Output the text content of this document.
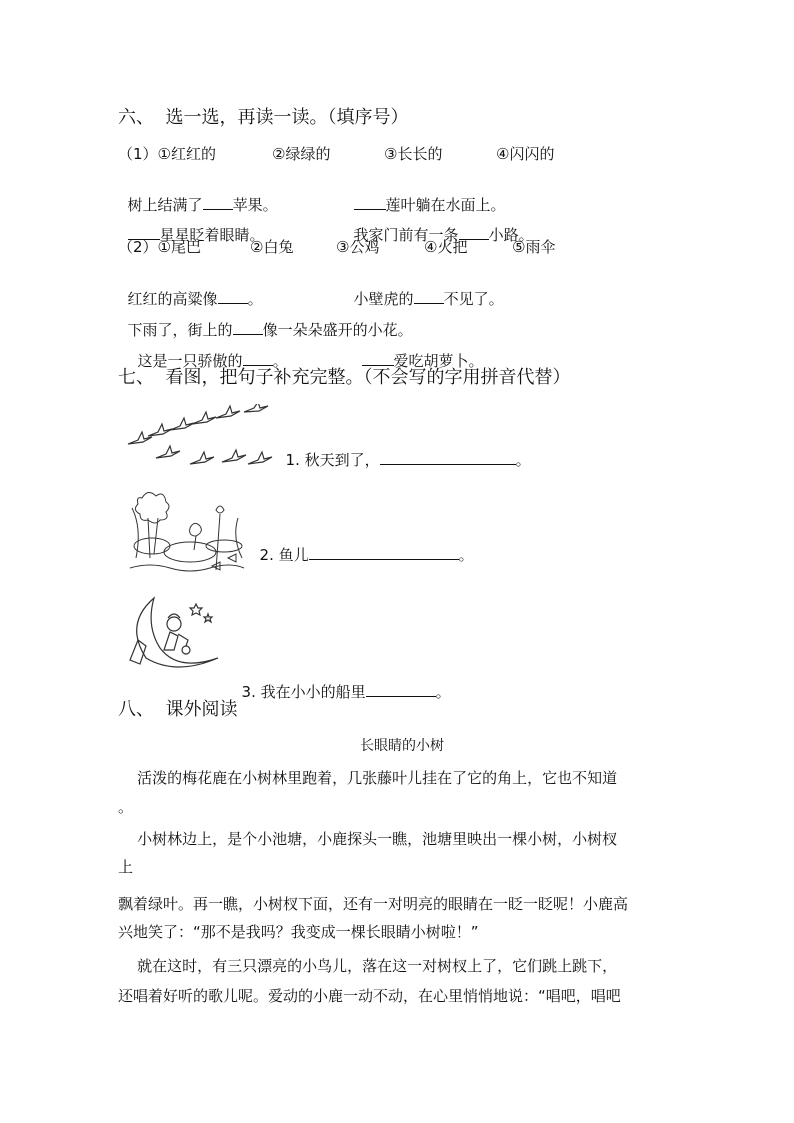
六、  选一选，再读一读。（填序号）
（1）①红红的	②绿绿的	③长长的	④闪闪的

树上结满了 苹果。	莲叶躺在水面上。

星星眨着眼睛。	我家门前有一条 小路。

（2）①尾巴	②白兔	③公鸡	④火把	⑤雨伞

红红的高粱像 。	小壁虎的 不见了。

下雨了，街上的 像一朵朵盛开的小花。

这是一只骄傲的 。	爱吃胡萝卜。

七、  看图，把句子补充完整。（不会写的字用拼音代替）

1. 秋天到了，	。

2. 鱼儿	。

3. 我在小小的船里	。

八、  课外阅读
长眼睛的小树
活泼的梅花鹿在小树林里跑着，几张藤叶儿挂在了它的角上，它也不知道
。
小树林边上，是个小池塘，小鹿探头一瞧，池塘里映出一棵小树，小树杈
上
飘着绿叶。再一瞧，小树杈下面，还有一对明亮的眼睛在一眨一眨呢！小鹿高
兴地笑了：“那不是我吗？我变成一棵长眼睛小树啦！”
就在这时，有三只漂亮的小鸟儿，落在这一对树杈上了，它们跳上跳下，
还唱着好听的歌儿呢。爱动的小鹿一动不动，在心里悄悄地说：“唱吧，唱吧
